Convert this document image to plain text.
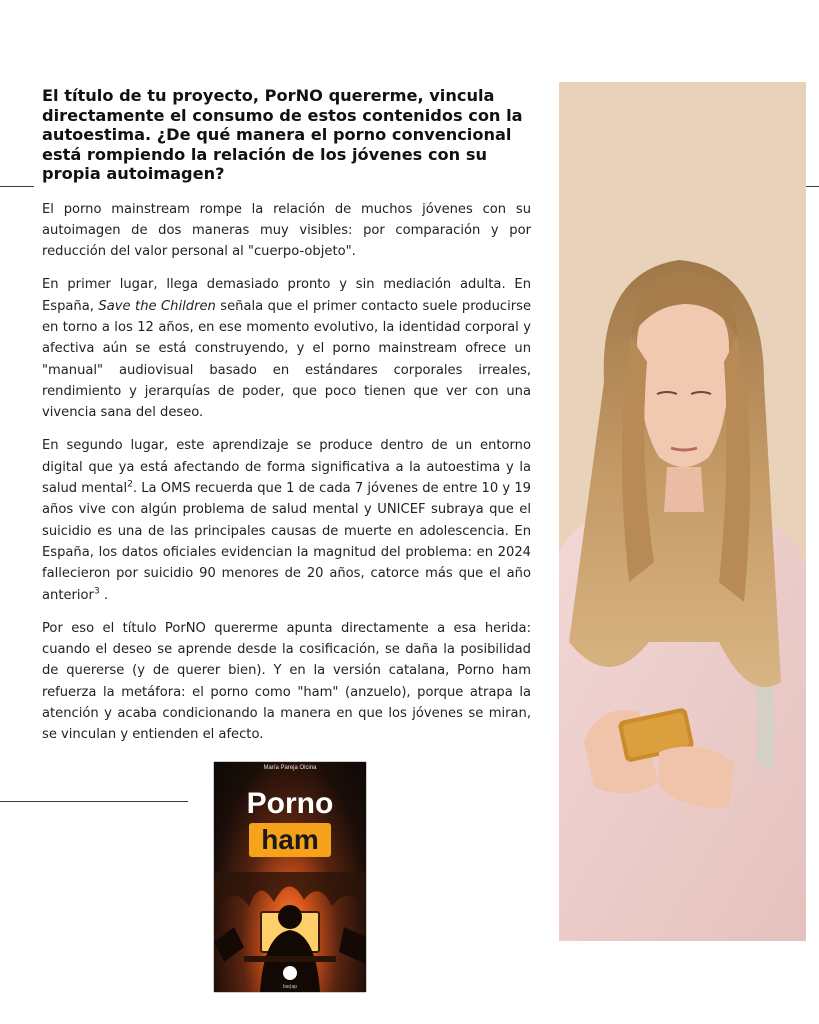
El título de tu proyecto, PorNO quererme, vincula directamente el consumo de estos contenidos con la autoestima. ¿De qué manera el porno convencional está rompiendo la relación de los jóvenes con su propia autoimagen?

El porno mainstream rompe la relación de muchos jóvenes con su autoimagen de dos maneras muy visibles: por comparación y por reducción del valor personal al "cuerpo-objeto".

En primer lugar, llega demasiado pronto y sin mediación adulta. En España, Save the Children señala que el primer contacto suele producirse en torno a los 12 años, en ese momento evolutivo, la identidad corporal y afectiva aún se está construyendo, y el porno mainstream ofrece un "manual" audiovisual basado en estándares corporales irreales, rendimiento y jerarquías de poder, que poco tienen que ver con una vivencia sana del deseo.

En segundo lugar, este aprendizaje se produce dentro de un entorno digital que ya está afectando de forma significativa a la autoestima y la salud mental$^2$. La OMS recuerda que 1 de cada 7 jóvenes de entre 10 y 19 años vive con algún problema de salud mental y UNICEF subraya que el suicidio es una de las principales causas de muerte en adolescencia. En España, los datos oficiales evidencian la magnitud del problema: en 2024 fallecieron por suicidio 90 menores de 20 años, catorce más que el año anterior$^3$ .

Por eso el título PorNO quererme apunta directamente a esa herida: cuando el deseo se aprende desde la cosificación, se daña la posibilidad de quererse (y de querer bien). Y en la versión catalana, Porno ham refuerza la metáfora: el porno como "ham" (anzuelo), porque atrapa la atención y acaba condicionando la manera en que los jóvenes se miran, se vinculan y entienden el afecto.

María Pareja Olcina
Porno
ham
bar|ap
